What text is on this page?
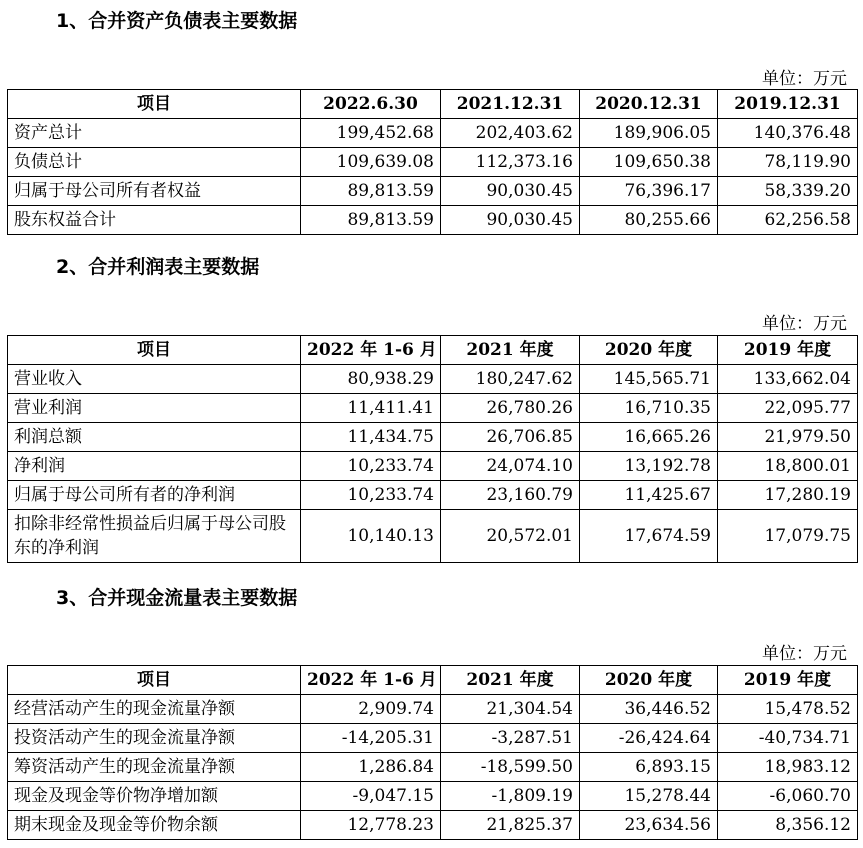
1、合并资产负债表主要数据
单位：万元
项目	2022.6.30	2021.12.31	2020.12.31	2019.12.31
资产总计	199,452.68	202,403.62	189,906.05	140,376.48
负债总计	109,639.08	112,373.16	109,650.38	78,119.90
归属于母公司所有者权益	89,813.59	90,030.45	76,396.17	58,339.20
股东权益合计	89,813.59	90,030.45	80,255.66	62,256.58
2、合并利润表主要数据
单位：万元
项目	2022 年 1-6 月	2021 年度	2020 年度	2019 年度
营业收入	80,938.29	180,247.62	145,565.71	133,662.04
营业利润	11,411.41	26,780.26	16,710.35	22,095.77
利润总额	11,434.75	26,706.85	16,665.26	21,979.50
净利润	10,233.74	24,074.10	13,192.78	18,800.01
归属于母公司所有者的净利润	10,233.74	23,160.79	11,425.67	17,280.19
扣除非经常性损益后归属于母公司股东的净利润	10,140.13	20,572.01	17,674.59	17,079.75
3、合并现金流量表主要数据
单位：万元
项目	2022 年 1-6 月	2021 年度	2020 年度	2019 年度
经营活动产生的现金流量净额	2,909.74	21,304.54	36,446.52	15,478.52
投资活动产生的现金流量净额	-14,205.31	-3,287.51	-26,424.64	-40,734.71
筹资活动产生的现金流量净额	1,286.84	-18,599.50	6,893.15	18,983.12
现金及现金等价物净增加额	-9,047.15	-1,809.19	15,278.44	-6,060.70
期末现金及现金等价物余额	12,778.23	21,825.37	23,634.56	8,356.12
